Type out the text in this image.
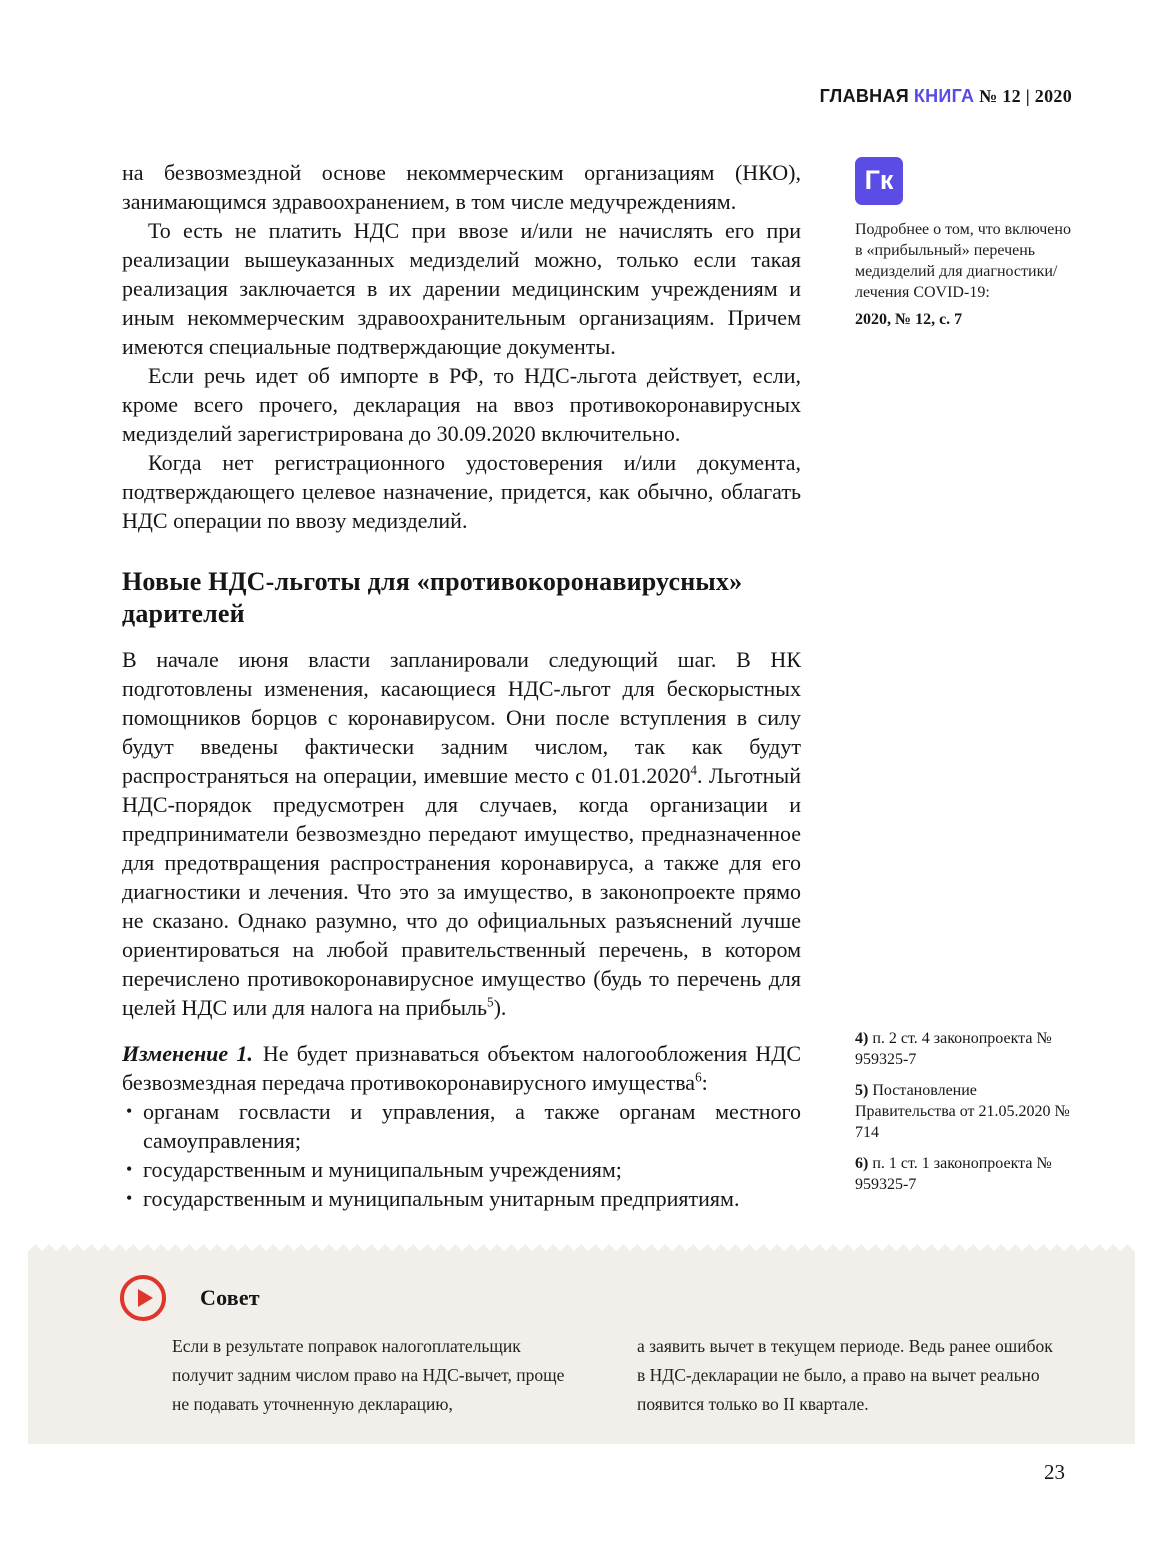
ГЛАВНАЯ КНИГА № 12 | 2020

на безвозмездной основе некоммерческим организациям (НКО), занимающимся здравоохранением, в том числе медучреждениям.

То есть не платить НДС при ввозе и/или не начислять его при реализации вышеуказанных медизделий можно, только если такая реализация заключается в их дарении медицинским учреждениям и иным некоммерческим здравоохранительным организациям. Причем имеются специальные подтверждающие документы.

Если речь идет об импорте в РФ, то НДС-льгота действует, если, кроме всего прочего, декларация на ввоз противокоронавирусных медизделий зарегистрирована до 30.09.2020 включительно.

Когда нет регистрационного удостоверения и/или документа, подтверждающего целевое назначение, придется, как обычно, облагать НДС операции по ввозу медизделий.

Новые НДС-льготы для «противокоронавирусных» дарителей

В начале июня власти запланировали следующий шаг. В НК подготовлены изменения, касающиеся НДС-льгот для бескорыстных помощников борцов с коронавирусом. Они после вступления в силу будут введены фактически задним числом, так как будут распространяться на операции, имевшие место с 01.01.2020$^4$. Льготный НДС-порядок предусмотрен для случаев, когда организации и предприниматели безвозмездно передают имущество, предназначенное для предотвращения распространения коронавируса, а также для его диагностики и лечения. Что это за имущество, в законопроекте прямо не сказано. Однако разумно, что до официальных разъяснений лучше ориентироваться на любой правительственный перечень, в котором перечислено противокоронавирусное имущество (будь то перечень для целей НДС или для налога на прибыль$^5$).

Изменение 1. Не будет признаваться объектом налогообложения НДС безвозмездная передача противокоронавирусного имущества$^6$:

• органам госвласти и управления, а также органам местного самоуправления;
• государственным и муниципальным учреждениям;
• государственным и муниципальным унитарным предприятиям.
Гк
Подробнее о том, что включено в «прибыльный» перечень медизделий для диагностики/ лечения COVID-19:
2020, № 12, с. 7
4) п. 2 ст. 4 законопроекта № 959325-7
5) Постановление Правительства от 21.05.2020 № 714
6) п. 1 ст. 1 законопроекта № 959325-7
Совет
Если в результате поправок налогоплательщик получит задним числом право на НДС-вычет, проще не подавать уточненную декларацию,
а заявить вычет в текущем периоде. Ведь ранее ошибок в НДС-декларации не было, а право на вычет реально появится только во II квартале.
23
